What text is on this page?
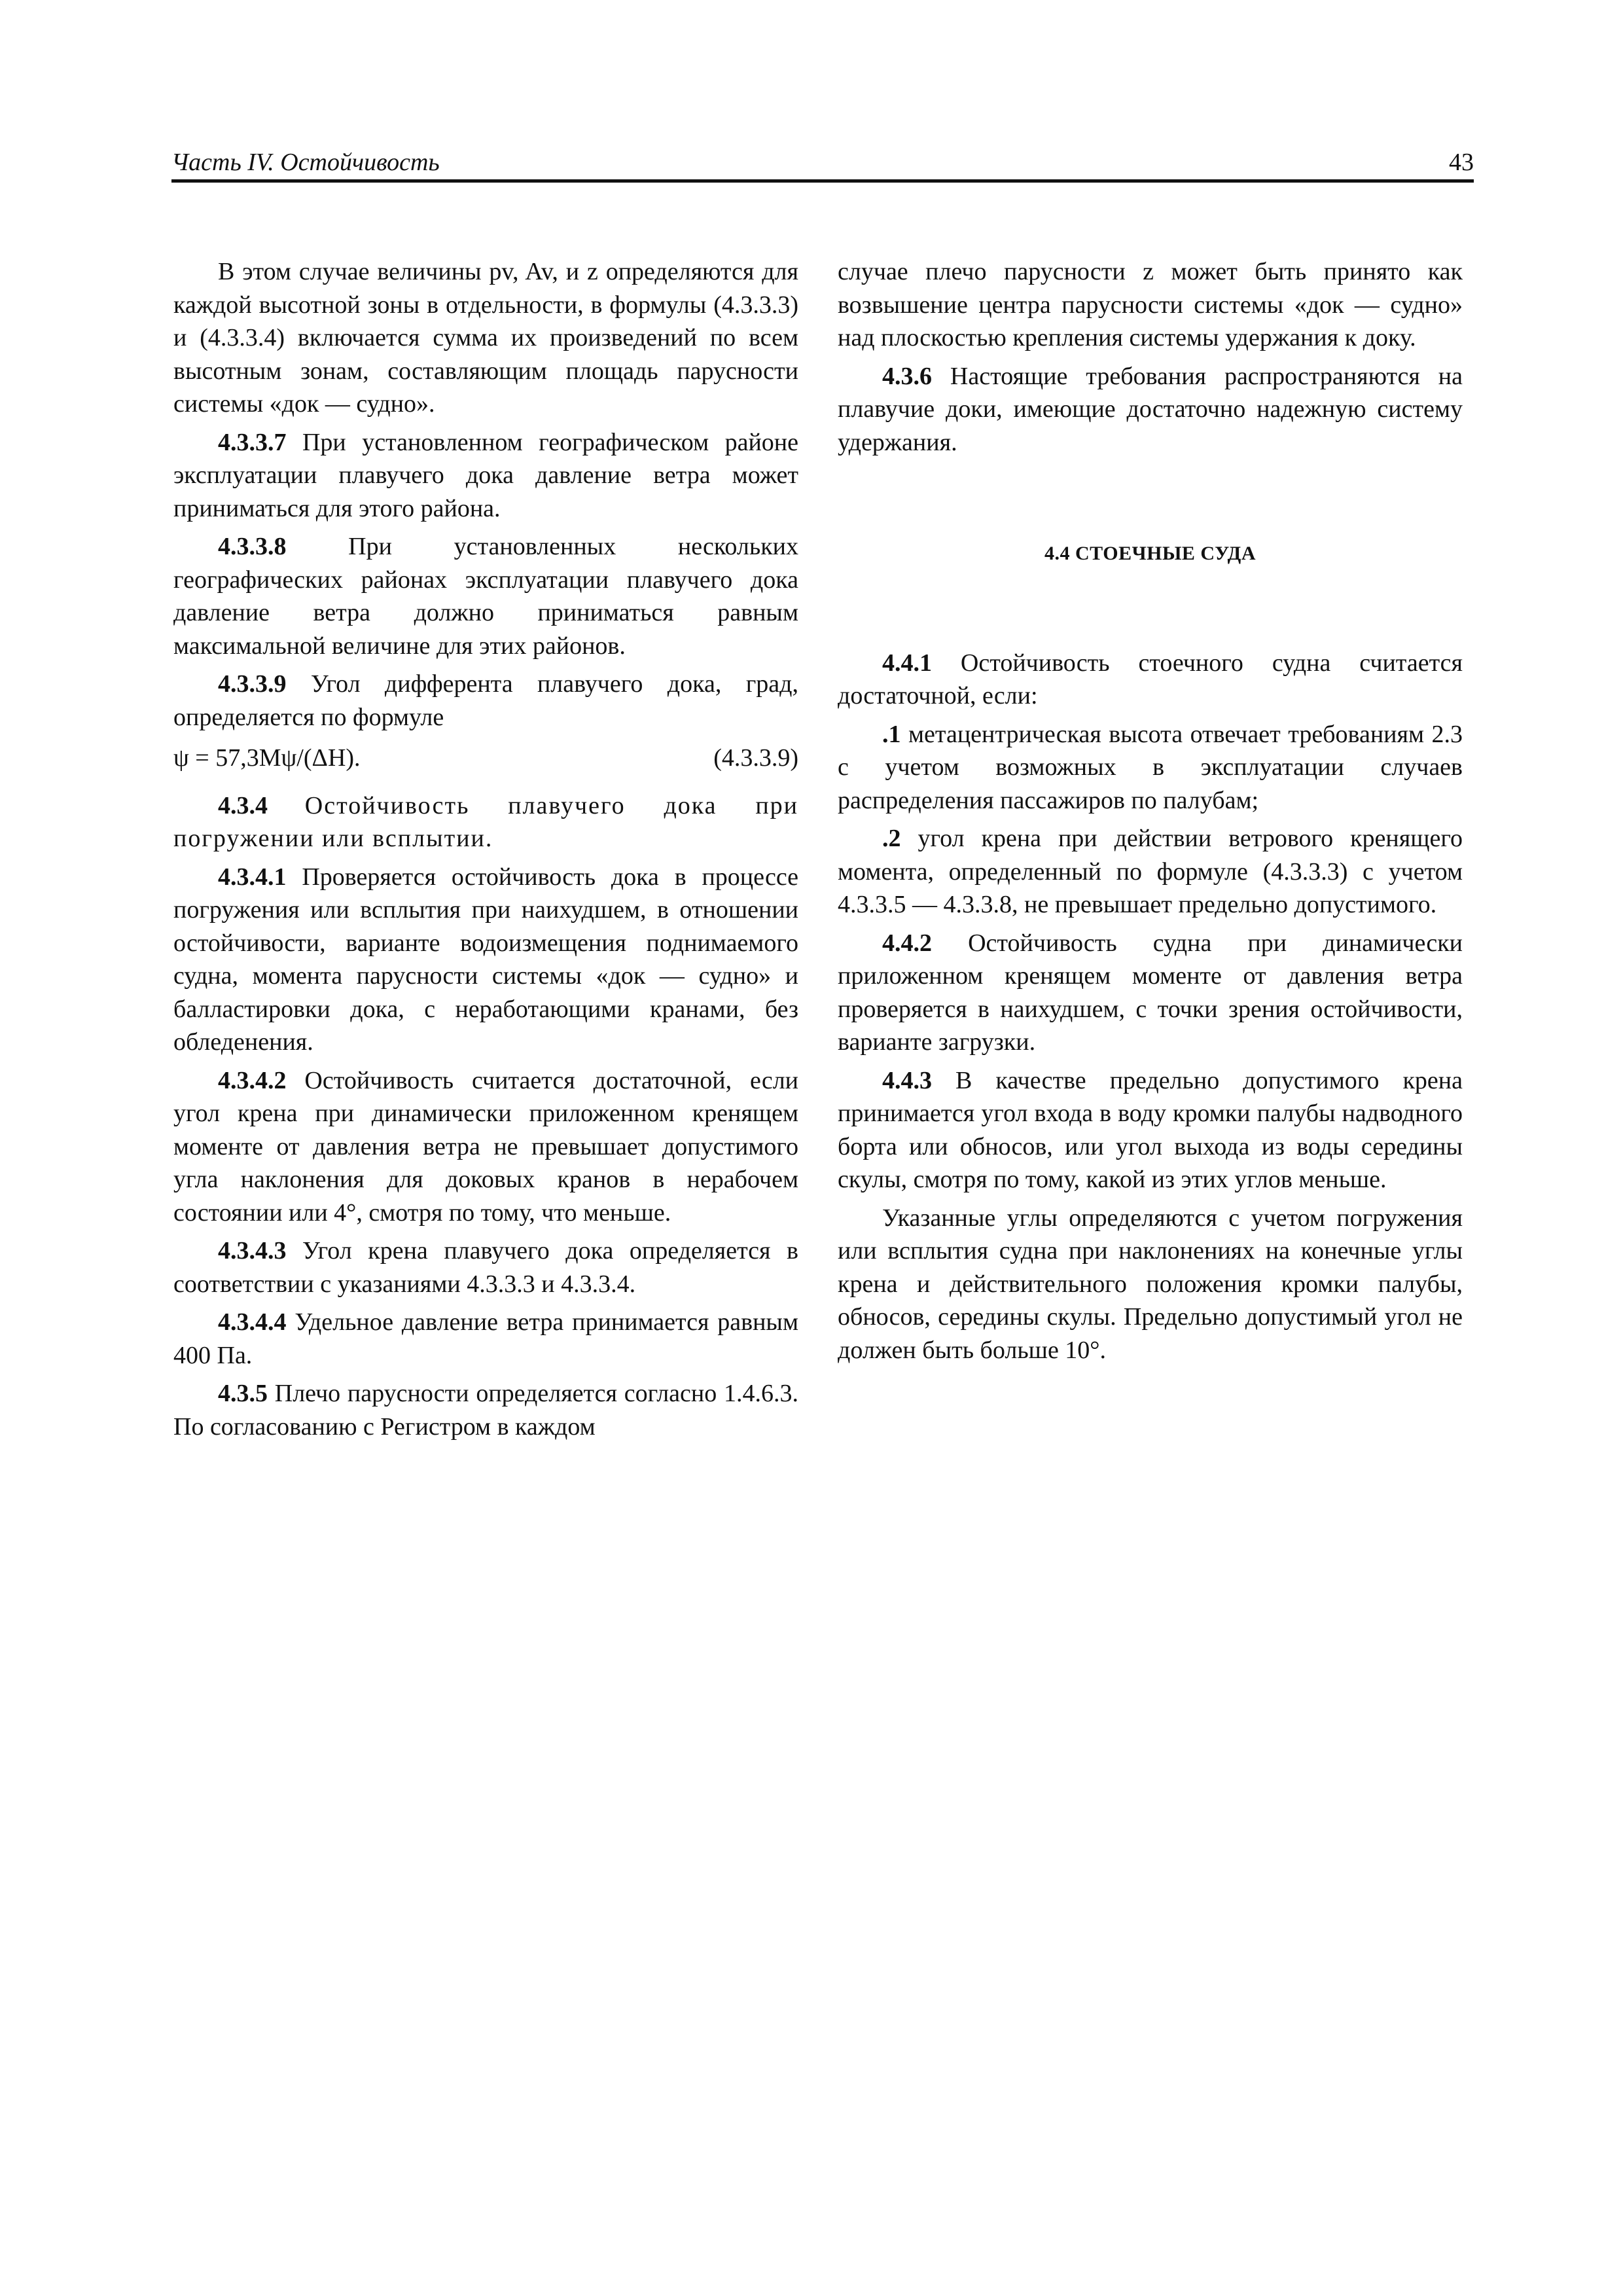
Часть IV. Остойчивость	43

В этом случае величины pv, Av, и z определяются для каждой высотной зоны в отдельности, в формулы (4.3.3.3) и (4.3.3.4) включается сумма их произведений по всем высотным зонам, составляющим площадь парусности системы «док — судно».

4.3.3.7 При установленном географическом районе эксплуатации плавучего дока давление ветра может приниматься для этого района.

4.3.3.8 При установленных нескольких географических районах эксплуатации плавучего дока давление ветра должно приниматься равным максимальной величине для этих районов.

4.3.3.9 Угол дифферента плавучего дока, град, определяется по формуле

ψ = 57,3Mψ/(ΔH).	(4.3.3.9)

4.3.4 Остойчивость плавучего дока при погружении или всплытии.

4.3.4.1 Проверяется остойчивость дока в процессе погружения или всплытия при наихудшем, в отношении остойчивости, варианте водоизмещения поднимаемого судна, момента парусности системы «док — судно» и балластировки дока, с неработающими кранами, без обледенения.

4.3.4.2 Остойчивость считается достаточной, если угол крена при динамически приложенном кренящем моменте от давления ветра не превышает допустимого угла наклонения для доковых кранов в нерабочем состоянии или 4°, смотря по тому, что меньше.

4.3.4.3 Угол крена плавучего дока определяется в соответствии с указаниями 4.3.3.3 и 4.3.3.4.

4.3.4.4 Удельное давление ветра принимается равным 400 Па.

4.3.5 Плечо парусности определяется согласно 1.4.6.3. По согласованию с Регистром в каждом

случае плечо парусности z может быть принято как возвышение центра парусности системы «док — судно» над плоскостью крепления системы удержания к доку.

4.3.6 Настоящие требования распространяются на плавучие доки, имеющие достаточно надежную систему удержания.

4.4 СТОЕЧНЫЕ СУДА

4.4.1 Остойчивость стоечного судна считается достаточной, если:

.1 метацентрическая высота отвечает требованиям 2.3 с учетом возможных в эксплуатации случаев распределения пассажиров по палубам;

.2 угол крена при действии ветрового кренящего момента, определенный по формуле (4.3.3.3) с учетом 4.3.3.5 — 4.3.3.8, не превышает предельно допустимого.

4.4.2 Остойчивость судна при динамически приложенном кренящем моменте от давления ветра проверяется в наихудшем, с точки зрения остойчивости, варианте загрузки.

4.4.3 В качестве предельно допустимого крена принимается угол входа в воду кромки палубы надводного борта или обносов, или угол выхода из воды середины скулы, смотря по тому, какой из этих углов меньше.

Указанные углы определяются с учетом погружения или всплытия судна при наклонениях на конечные углы крена и действительного положения кромки палубы, обносов, середины скулы. Предельно допустимый угол не должен быть больше 10°.
